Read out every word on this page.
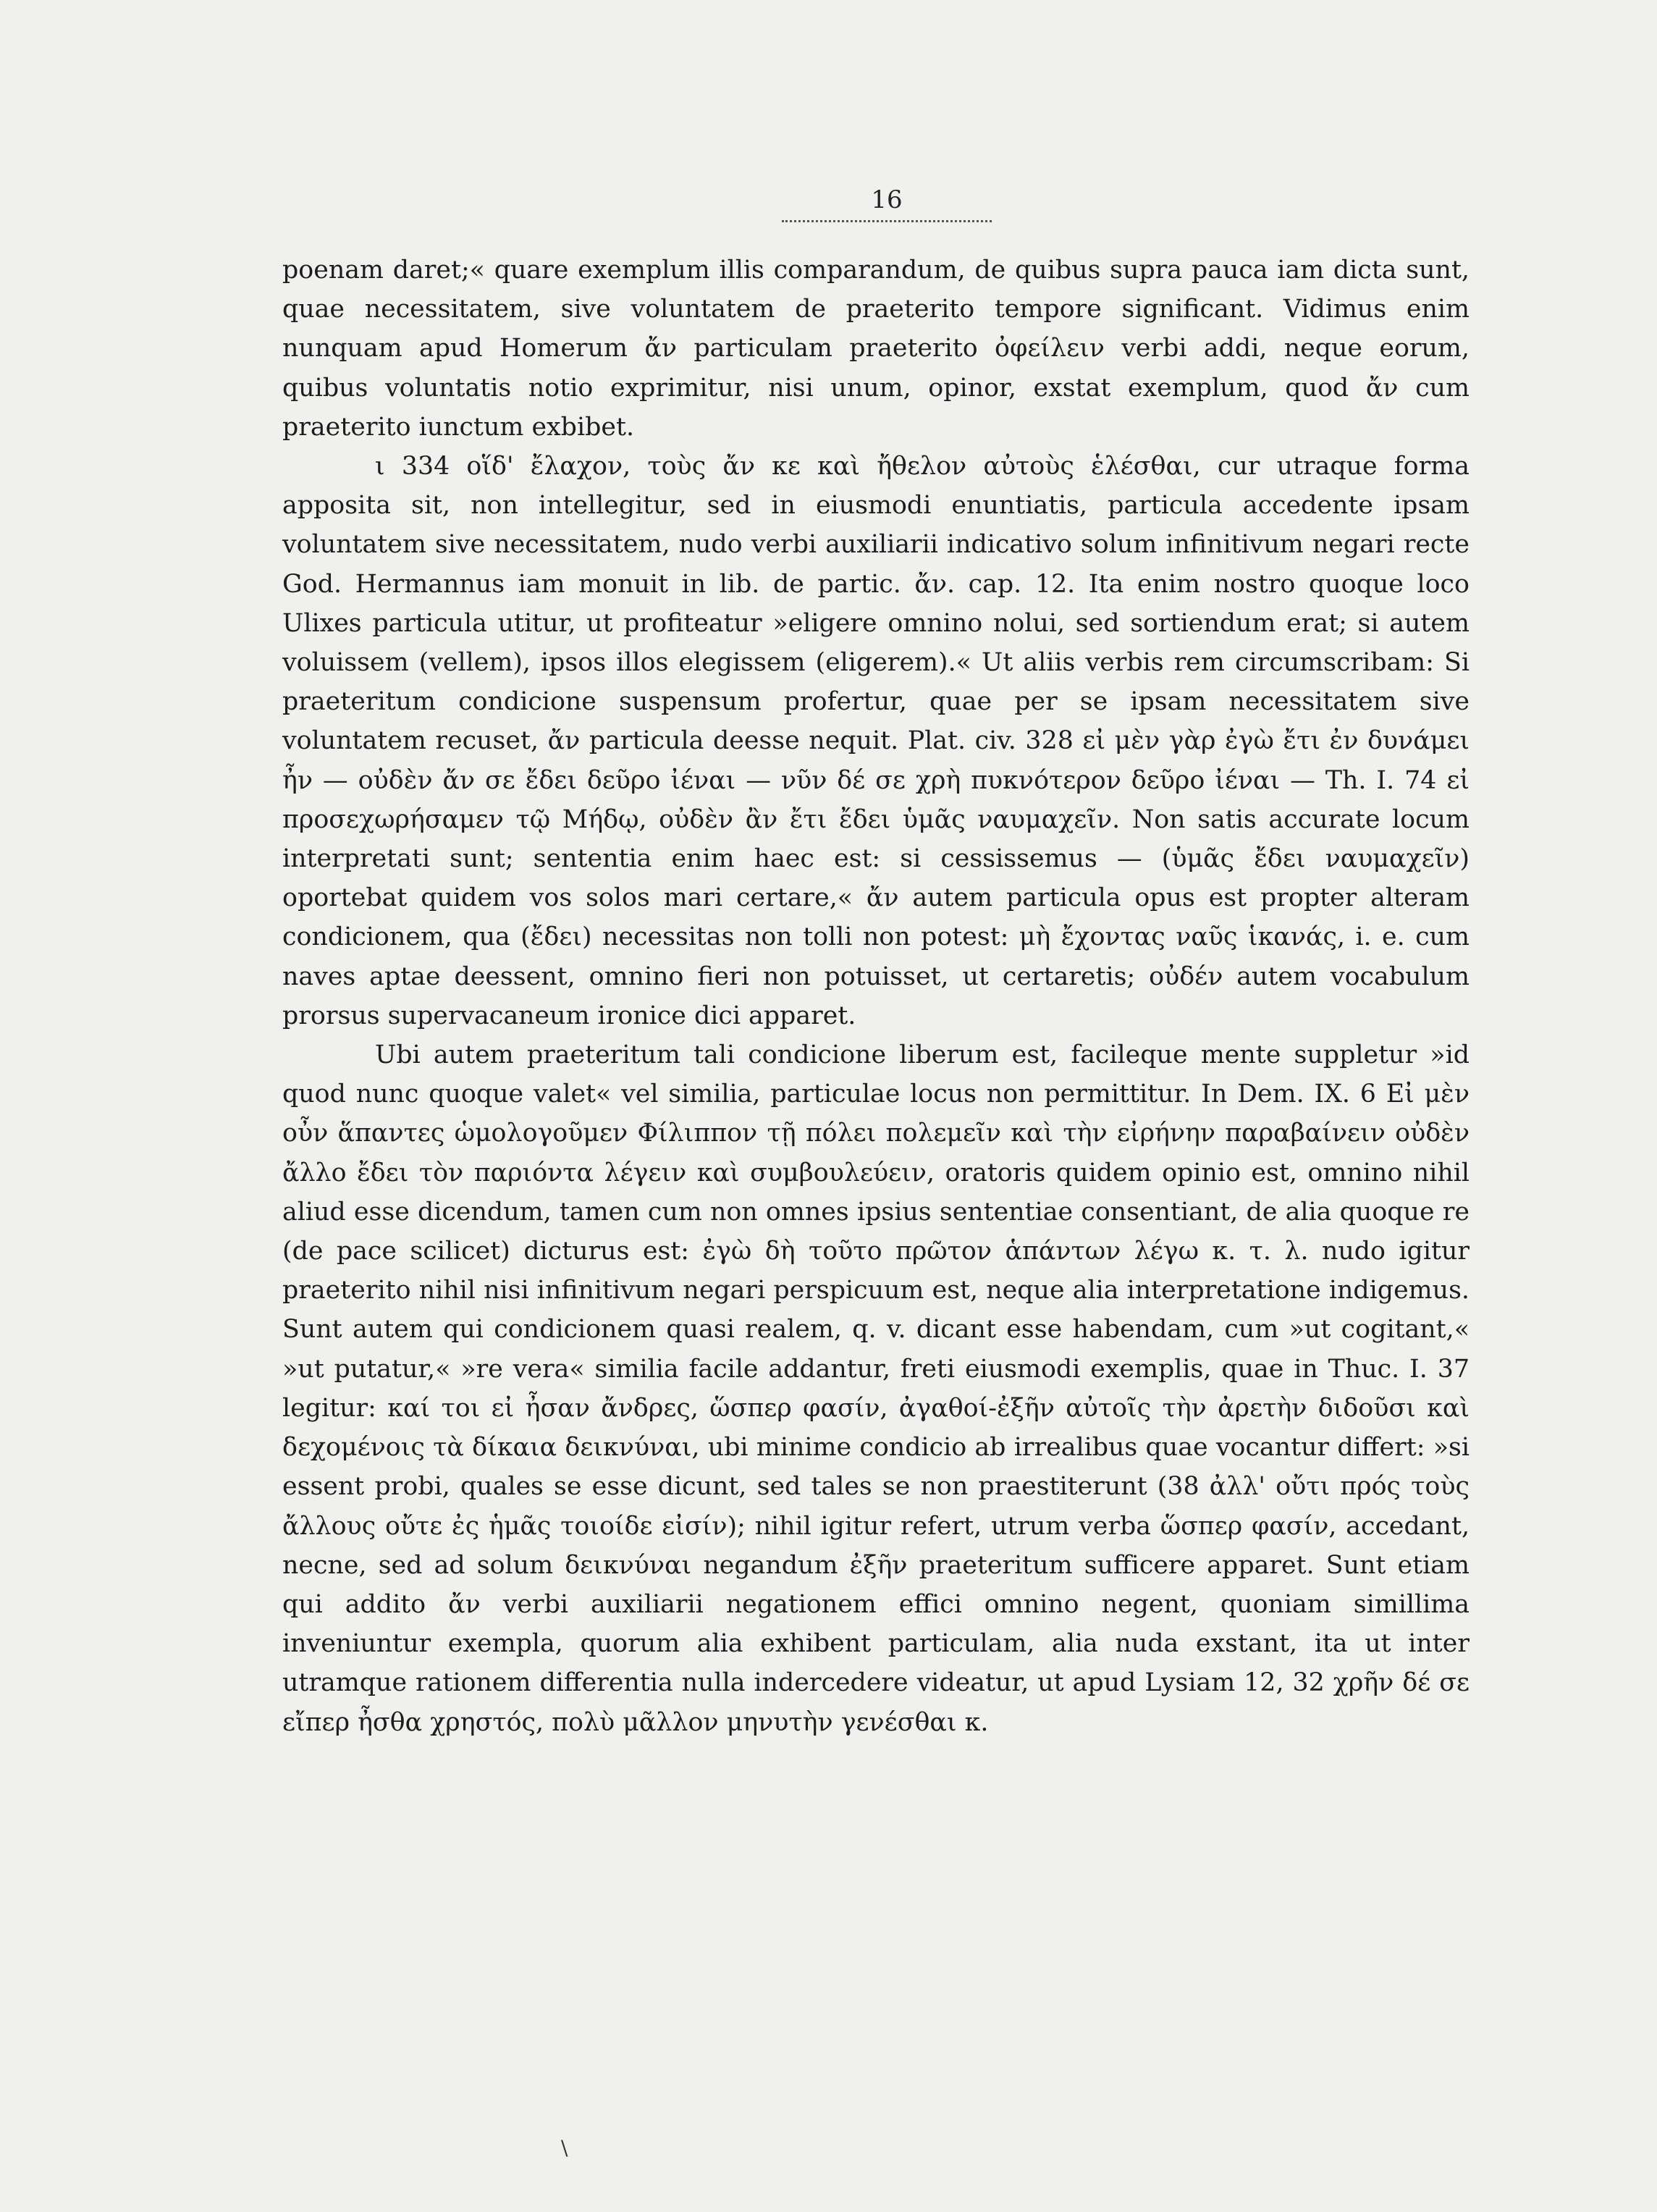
16

poenam daret;« quare exemplum illis comparandum, de quibus supra pauca iam dicta sunt, quae necessitatem, sive voluntatem de praeterito tempore significant. Vidimus enim nunquam apud Homerum ἄν particulam praeterito ὀφείλειν verbi addi, neque eorum, quibus voluntatis notio exprimitur, nisi unum, opinor, exstat exemplum, quod ἄν cum praeterito iunctum exbibet.

ι 334 οἵδ' ἔλαχον, τοὺς ἄν κε καὶ ἤθελον αὐτοὺς ἑλέσθαι, cur utraque forma apposita sit, non intellegitur, sed in eiusmodi enuntiatis, particula accedente ipsam voluntatem sive necessitatem, nudo verbi auxiliarii indicativo solum infinitivum negari recte God. Hermannus iam monuit in lib. de partic. ἄν. cap. 12. Ita enim nostro quoque loco Ulixes particula utitur, ut profiteatur »eligere omnino nolui, sed sortiendum erat; si autem voluissem (vellem), ipsos illos elegissem (eligerem).« Ut aliis verbis rem circumscribam: Si praeteritum condicione suspensum profertur, quae per se ipsam necessitatem sive voluntatem recuset, ἄν particula deesse nequit. Plat. civ. 328 εἰ μὲν γὰρ ἐγὼ ἔτι ἐν δυνάμει ἦν — οὐδὲν ἄν σε ἔδει δεῦρο ἰέναι — νῦν δέ σε χρὴ πυκνότερον δεῦρο ἰέναι — Th. I. 74 εἰ προσεχωρήσαμεν τῷ Μήδῳ, οὐδὲν ἂν ἔτι ἔδει ὑμᾶς ναυμαχεῖν. Non satis accurate locum interpretati sunt; sententia enim haec est: si cessissemus — (ὑμᾶς ἔδει ναυμαχεῖν) oportebat quidem vos solos mari certare,« ἄν autem particula opus est propter alteram condicionem, qua (ἔδει) necessitas non tolli non potest: μὴ ἔχοντας ναῦς ἱκανάς, i. e. cum naves aptae deessent, omnino fieri non potuisset, ut certaretis; οὐδέν autem vocabulum prorsus supervacaneum ironice dici apparet.

Ubi autem praeteritum tali condicione liberum est, facileque mente suppletur »id quod nunc quoque valet« vel similia, particulae locus non permittitur. In Dem. IX. 6 Εἰ μὲν οὖν ἅπαντες ὡμολογοῦμεν Φίλιππον τῇ πόλει πολεμεῖν καὶ τὴν εἰρήνην παραβαίνειν οὐδὲν ἄλλο ἔδει τὸν παριόντα λέγειν καὶ συμβουλεύειν, oratoris quidem opinio est, omnino nihil aliud esse dicendum, tamen cum non omnes ipsius sententiae consentiant, de alia quoque re (de pace scilicet) dicturus est: ἐγὼ δὴ τοῦτο πρῶτον ἁπάντων λέγω κ. τ. λ. nudo igitur praeterito nihil nisi infinitivum negari perspicuum est, neque alia interpretatione indigemus. Sunt autem qui condicionem quasi realem, q. v. dicant esse habendam, cum »ut cogitant,« »ut putatur,« »re vera« similia facile addantur, freti eiusmodi exemplis, quae in Thuc. I. 37 legitur: καί τοι εἰ ἦσαν ἄνδρες, ὥσπερ φασίν, ἀγαθοί-ἐξῆν αὐτοῖς τὴν ἀρετὴν διδοῦσι καὶ δεχομένοις τὰ δίκαια δεικνύναι, ubi minime condicio ab irrealibus quae vocantur differt: »si essent probi, quales se esse dicunt, sed tales se non praestiterunt (38 ἀλλ' οὔτι πρός τοὺς ἄλλους οὔτε ἐς ἡμᾶς τοιοίδε εἰσίν); nihil igitur refert, utrum verba ὥσπερ φασίν, accedant, necne, sed ad solum δεικνύναι negandum ἐξῆν praeteritum sufficere apparet. Sunt etiam qui addito ἄν verbi auxiliarii negationem effici omnino negent, quoniam simillima inveniuntur exempla, quorum alia exhibent particulam, alia nuda exstant, ita ut inter utramque rationem differentia nulla indercedere videatur, ut apud Lysiam 12, 32 χρῆν δέ σε εἴπερ ἦσθα χρηστός, πολὺ μᾶλλον μηνυτὴν γενέσθαι κ.

\
